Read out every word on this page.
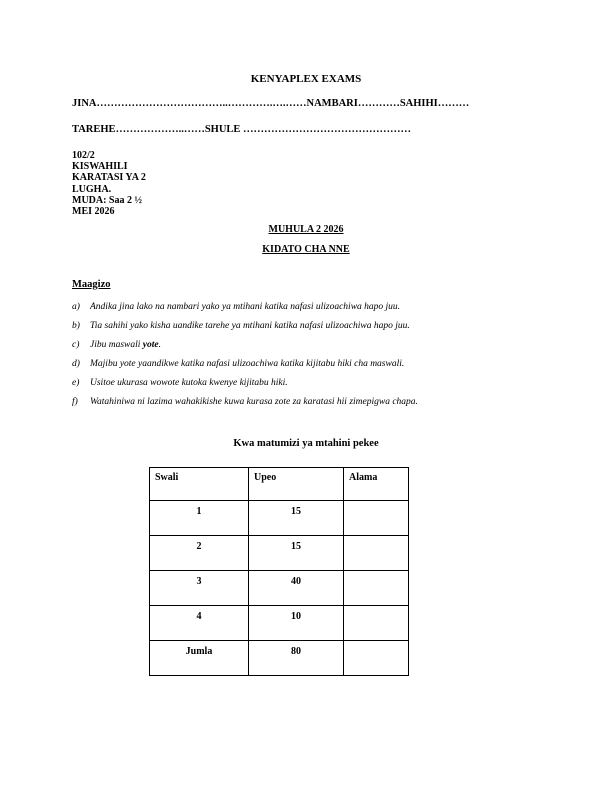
KENYAPLEX EXAMS
JINA………………………………..………….….……NAMBARI…………SAHIHI………
TAREHE………………..……SHULE …………………………………………
102/2
KISWAHILI
KARATASI YA 2
LUGHA.
MUDA: Saa 2 ½
MEI 2026
MUHULA 2 2026
KIDATO CHA NNE
Maagizo
a)	Andika jina lako na nambari yako ya mtihani katika nafasi ulizoachiwa hapo juu.
b)	Tia sahihi yako kisha uandike tarehe ya mtihani katika nafasi ulizoachiwa hapo juu.
c)	Jibu maswali yote.
d)	Majibu yote yaandikwe katika nafasi ulizoachiwa katika kijitabu hiki cha maswali.
e)	Usitoe ukurasa wowote kutoka kwenye kijitabu hiki.
f)	Watahiniwa ni lazima wahakikishe kuwa kurasa zote za karatasi hii zimepigwa chapa.
Kwa matumizi ya mtahini pekee
Swali	Upeo	Alama
1	15	
2	15	
3	40	
4	10	
Jumla	80	
